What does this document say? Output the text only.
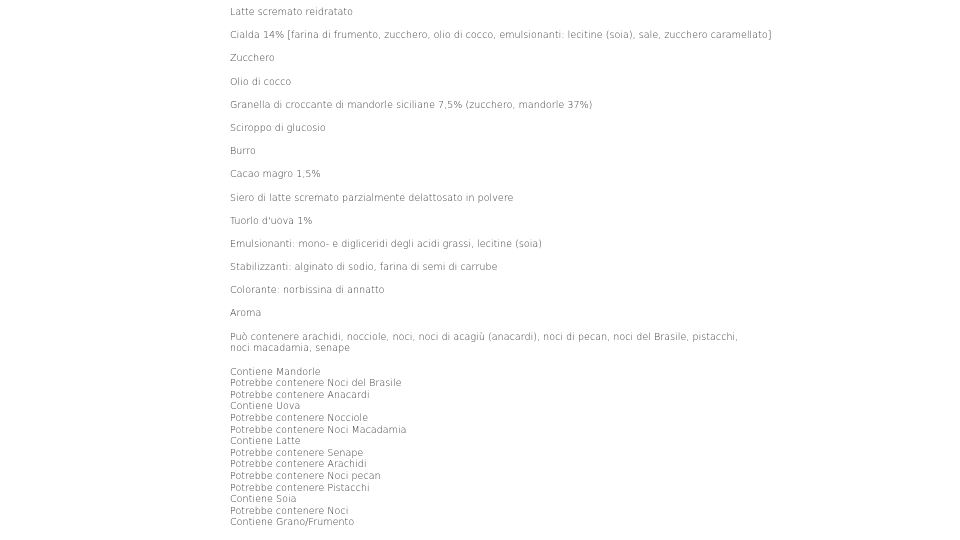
Latte scremato reidratato
Cialda 14% [farina di frumento, zucchero, olio di cocco, emulsionanti: lecitine (soia), sale, zucchero caramellato]
Zucchero
Olio di cocco
Granella di croccante di mandorle siciliane 7,5% (zucchero, mandorle 37%)
Sciroppo di glucosio
Burro
Cacao magro 1,5%
Siero di latte scremato parzialmente delattosato in polvere
Tuorlo d'uova 1%
Emulsionanti: mono- e digliceridi degli acidi grassi, lecitine (soia)
Stabilizzanti: alginato di sodio, farina di semi di carrube
Colorante: norbissina di annatto
Aroma
Può contenere arachidi, nocciole, noci, noci di acagiù (anacardi), noci di pecan, noci del Brasile, pistacchi, noci macadamia, senape
Contiene Mandorle
Potrebbe contenere Noci del Brasile
Potrebbe contenere Anacardi
Contiene Uova
Potrebbe contenere Nocciole
Potrebbe contenere Noci Macadamia
Contiene Latte
Potrebbe contenere Senape
Potrebbe contenere Arachidi
Potrebbe contenere Noci pecan
Potrebbe contenere Pistacchi
Contiene Soia
Potrebbe contenere Noci
Contiene Grano/Frumento
